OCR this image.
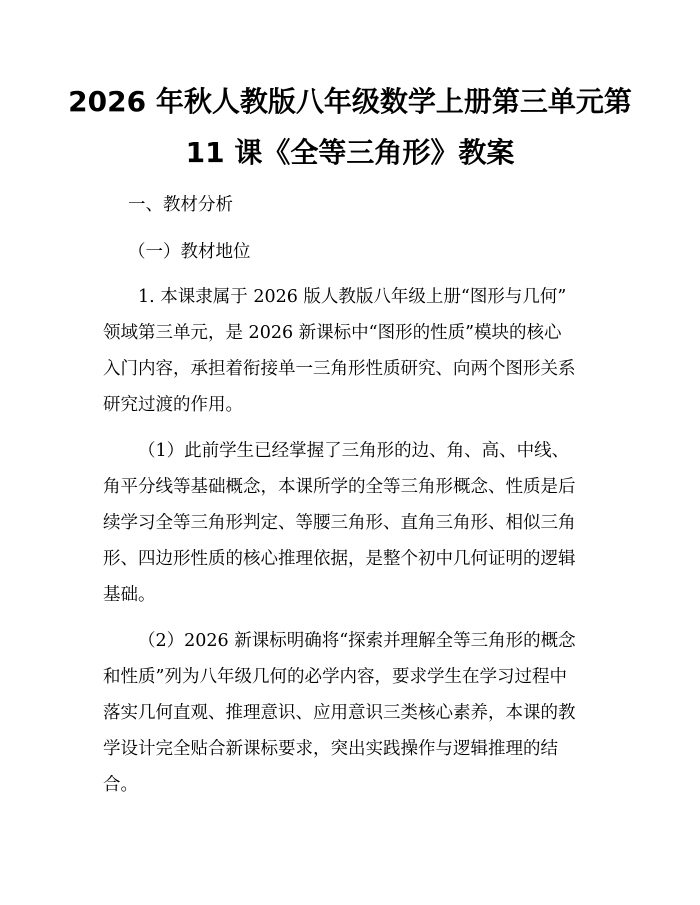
2026 年秋人教版八年级数学上册第三单元第
11 课《全等三角形》教案

一、教材分析

（一）教材地位

1. 本课隶属于 2026 版人教版八年级上册“图形与几何”
领域第三单元，是 2026 新课标中“图形的性质”模块的核心
入门内容，承担着衔接单一三角形性质研究、向两个图形关系
研究过渡的作用。
（1）此前学生已经掌握了三角形的边、角、高、中线、
角平分线等基础概念，本课所学的全等三角形概念、性质是后
续学习全等三角形判定、等腰三角形、直角三角形、相似三角
形、四边形性质的核心推理依据，是整个初中几何证明的逻辑
基础。
（2）2026 新课标明确将“探索并理解全等三角形的概念
和性质”列为八年级几何的必学内容，要求学生在学习过程中
落实几何直观、推理意识、应用意识三类核心素养，本课的教
学设计完全贴合新课标要求，突出实践操作与逻辑推理的结
合。
